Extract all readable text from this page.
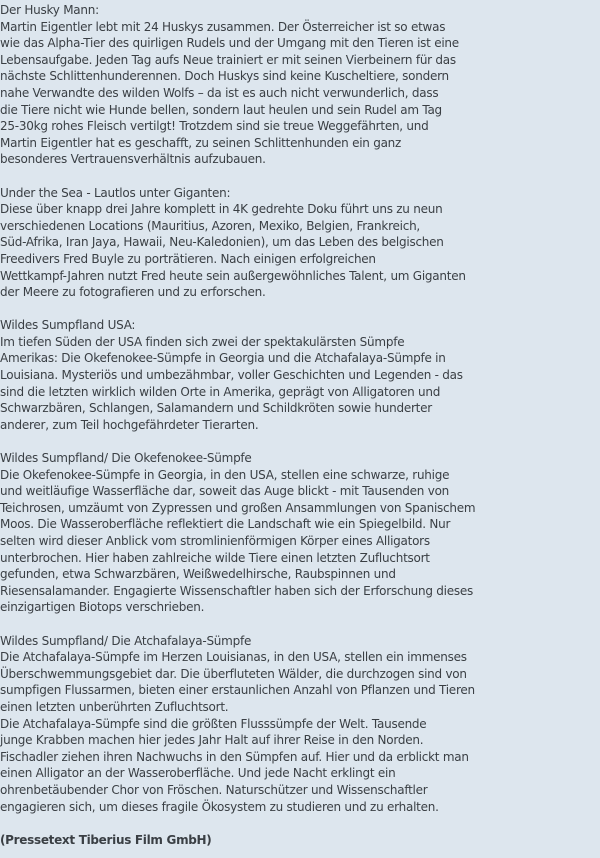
Der Husky Mann:
Martin Eigentler lebt mit 24 Huskys zusammen. Der Österreicher ist so etwas
wie das Alpha-Tier des quirligen Rudels und der Umgang mit den Tieren ist eine
Lebensaufgabe. Jeden Tag aufs Neue trainiert er mit seinen Vierbeinern für das
nächste Schlittenhunderennen. Doch Huskys sind keine Kuscheltiere, sondern
nahe Verwandte des wilden Wolfs – da ist es auch nicht verwunderlich, dass
die Tiere nicht wie Hunde bellen, sondern laut heulen und sein Rudel am Tag
25-30kg rohes Fleisch vertilgt! Trotzdem sind sie treue Weggefährten, und
Martin Eigentler hat es geschafft, zu seinen Schlittenhunden ein ganz
besonderes Vertrauensverhältnis aufzubauen.
Under the Sea - Lautlos unter Giganten:
Diese über knapp drei Jahre komplett in 4K gedrehte Doku führt uns zu neun
verschiedenen Locations (Mauritius, Azoren, Mexiko, Belgien, Frankreich,
Süd-Afrika, Iran Jaya, Hawaii, Neu-Kaledonien), um das Leben des belgischen
Freedivers Fred Buyle zu porträtieren. Nach einigen erfolgreichen
Wettkampf-Jahren nutzt Fred heute sein außergewöhnliches Talent, um Giganten
der Meere zu fotografieren und zu erforschen.
Wildes Sumpfland USA:
Im tiefen Süden der USA finden sich zwei der spektakulärsten Sümpfe
Amerikas: Die Okefenokee-Sümpfe in Georgia und die Atchafalaya-Sümpfe in
Louisiana. Mysteriös und umbezähmbar, voller Geschichten und Legenden - das
sind die letzten wirklich wilden Orte in Amerika, geprägt von Alligatoren und
Schwarzbären, Schlangen, Salamandern und Schildkröten sowie hunderter
anderer, zum Teil hochgefährdeter Tierarten.
Wildes Sumpfland/ Die Okefenokee-Sümpfe
Die Okefenokee-Sümpfe in Georgia, in den USA, stellen eine schwarze, ruhige
und weitläufige Wasserfläche dar, soweit das Auge blickt - mit Tausenden von
Teichrosen, umzäumt von Zypressen und großen Ansammlungen von Spanischem
Moos. Die Wasseroberfläche reflektiert die Landschaft wie ein Spiegelbild. Nur
selten wird dieser Anblick vom stromlinienförmigen Körper eines Alligators
unterbrochen. Hier haben zahlreiche wilde Tiere einen letzten Zufluchtsort
gefunden, etwa Schwarzbären, Weißwedelhirsche, Raubspinnen und
Riesensalamander. Engagierte Wissenschaftler haben sich der Erforschung dieses
einzigartigen Biotops verschrieben.
Wildes Sumpfland/ Die Atchafalaya-Sümpfe
Die Atchafalaya-Sümpfe im Herzen Louisianas, in den USA, stellen ein immenses
Überschwemmungsgebiet dar. Die überfluteten Wälder, die durchzogen sind von
sumpfigen Flussarmen, bieten einer erstaunlichen Anzahl von Pflanzen und Tieren
einen letzten unberührten Zufluchtsort.
Die Atchafalaya-Sümpfe sind die größten Flusssümpfe der Welt. Tausende
junge Krabben machen hier jedes Jahr Halt auf ihrer Reise in den Norden.
Fischadler ziehen ihren Nachwuchs in den Sümpfen auf. Hier und da erblickt man
einen Alligator an der Wasseroberfläche. Und jede Nacht erklingt ein
ohrenbetäubender Chor von Fröschen. Naturschützer und Wissenschaftler
engagieren sich, um dieses fragile Ökosystem zu studieren und zu erhalten.
(Pressetext Tiberius Film GmbH)
